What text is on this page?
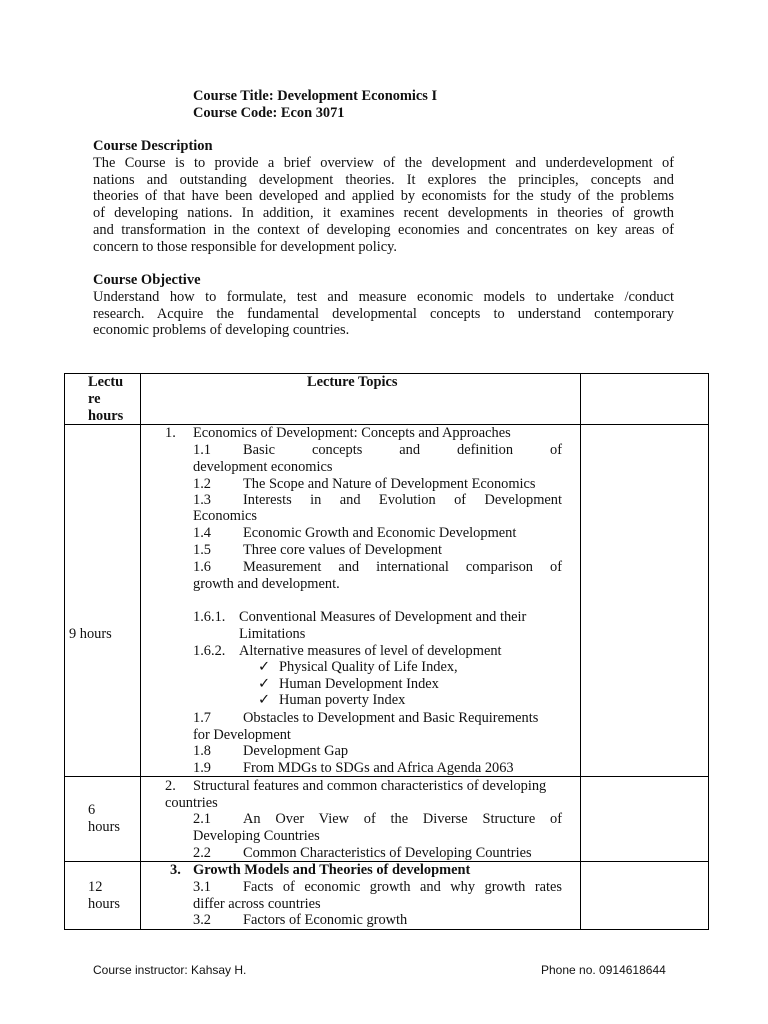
Course Title: Development Economics I
Course Code: Econ 3071
Course Description
The Course is to provide a brief overview of the development and underdevelopment of
nations and outstanding development theories. It explores the principles, concepts and
theories of that have been developed and applied by economists for the study of the problems
of developing nations. In addition, it examines recent developments in theories of growth
and transformation in the context of developing economies and concentrates on key areas of
concern to those responsible for development policy.
Course Objective
Understand how to formulate, test and measure economic models to undertake /conduct
research. Acquire the fundamental developmental concepts to understand contemporary
economic problems of developing countries.
Lectu
re
hours
Lecture Topics
9 hours
1. Economics of Development: Concepts and Approaches
1.1 Basic concepts and definition of
development economics
1.2 The Scope and Nature of Development Economics
1.3 Interests in and Evolution of Development
Economics
1.4 Economic Growth and Economic Development
1.5 Three core values of Development
1.6 Measurement and international comparison of
growth and development.
1.6.1. Conventional Measures of Development and their
Limitations
1.6.2. Alternative measures of level of development
✓ Physical Quality of Life Index,
✓ Human Development Index
✓ Human poverty Index
1.7 Obstacles to Development and Basic Requirements
for Development
1.8 Development Gap
1.9 From MDGs to SDGs and Africa Agenda 2063
6
hours
2. Structural features and common characteristics of developing
countries
2.1 An Over View of the Diverse Structure of
Developing Countries
2.2 Common Characteristics of Developing Countries
12
hours
3. Growth Models and Theories of development
3.1 Facts of economic growth and why growth rates
differ across countries
3.2 Factors of Economic growth
Course instructor: Kahsay H.	Phone no. 0914618644
